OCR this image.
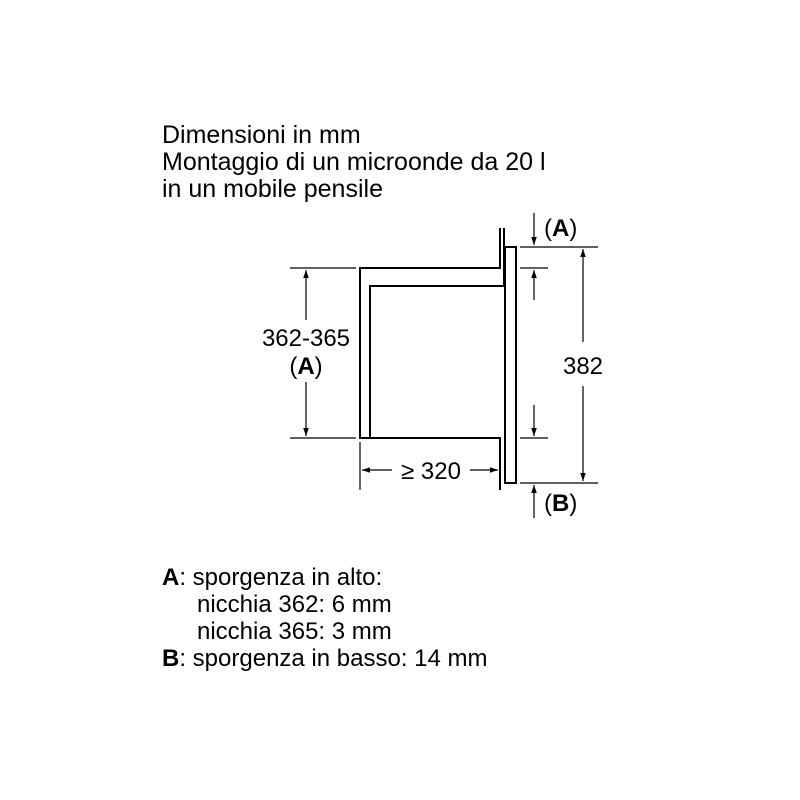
Dimensioni in mm
Montaggio di un microonde da 20 l
in un mobile pensile
362-365
(A)
≥ 320
(A)
(B)
382
A: sporgenza in alto:
nicchia 362: 6 mm
nicchia 365: 3 mm
B: sporgenza in basso: 14 mm
